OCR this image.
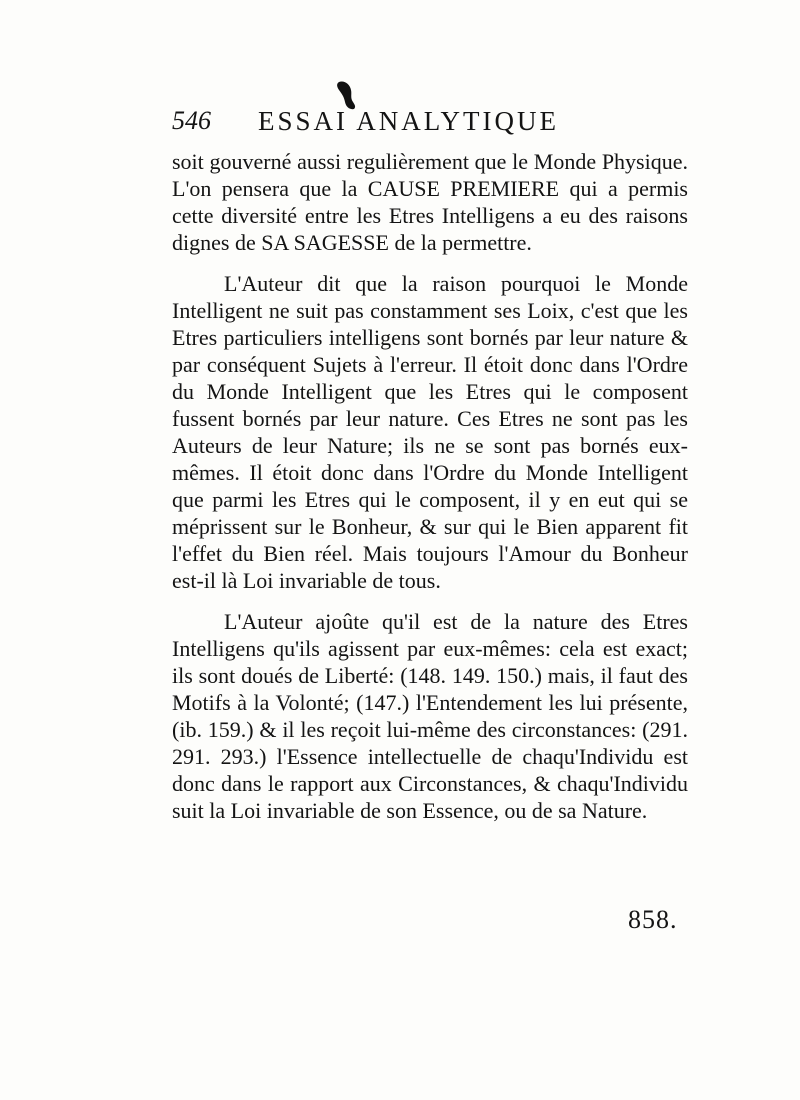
546 ESSAI ANALYTIQUE

soit gouverné aussi regulièrement que le Monde Physique. L'on pensera que la CAUSE PREMIERE qui a permis cette diversité entre les Etres Intelligens a eu des raisons dignes de SA SAGESSE de la permettre.

L'Auteur dit que la raison pourquoi le Monde Intelligent ne suit pas constamment ses Loix, c'est que les Etres particuliers intelligens sont bornés par leur nature & par conséquent Sujets à l'erreur. Il étoit donc dans l'Ordre du Monde Intelligent que les Etres qui le composent fussent bornés par leur nature. Ces Etres ne sont pas les Auteurs de leur Nature; ils ne se sont pas bornés eux-mêmes. Il étoit donc dans l'Ordre du Monde Intelligent que parmi les Etres qui le composent, il y en eut qui se méprissent sur le Bonheur, & sur qui le Bien apparent fit l'effet du Bien réel. Mais toujours l'Amour du Bonheur est-il là Loi invariable de tous.

L'Auteur ajoûte qu'il est de la nature des Etres Intelligens qu'ils agissent par eux-mêmes: cela est exact; ils sont doués de Liberté: (148. 149. 150.) mais, il faut des Motifs à la Volonté; (147.) l'Entendement les lui présente, (ib. 159.) & il les reçoit lui-même des circonstances: (291. 291. 293.) l'Essence intellectuelle de chaqu'Individu est donc dans le rapport aux Circonstances, & chaqu'Individu suit la Loi invariable de son Essence, ou de sa Nature.

858.
